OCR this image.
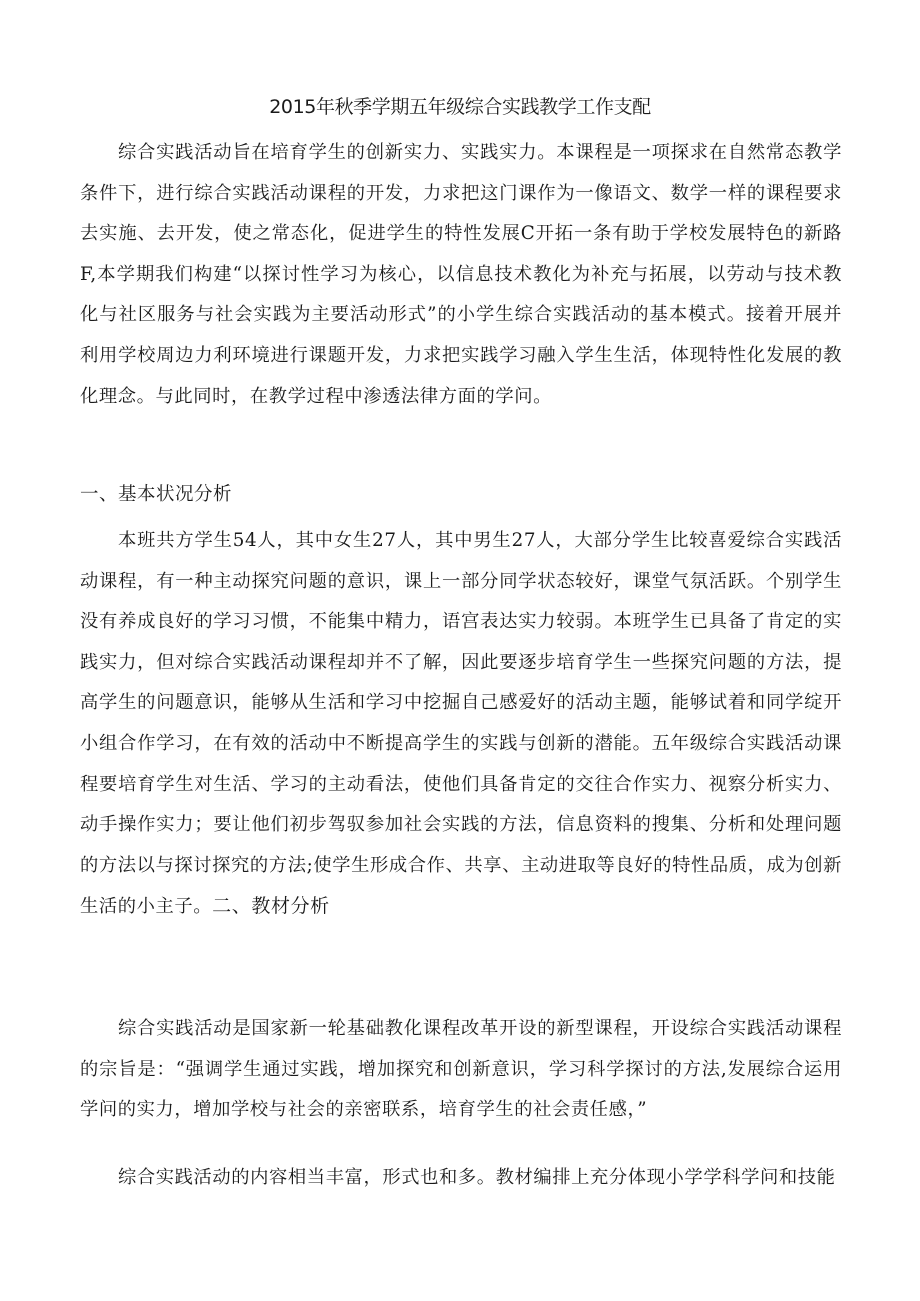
2015年秋季学期五年级综合实践教学工作支配

综合实践活动旨在培育学生的创新实力、实践实力。本课程是一项探求在自然常态教学条件下，进行综合实践活动课程的开发，力求把这门课作为一像语文、数学一样的课程要求去实施、去开发，使之常态化，促进学生的特性发展C开拓一条有助于学校发展特色的新路F,本学期我们构建“以探讨性学习为核心，以信息技术教化为补充与拓展，以劳动与技术教化与社区服务与社会实践为主要活动形式”的小学生综合实践活动的基本模式。接着开展并利用学校周边力利环境进行课题开发，力求把实践学习融入学生生活，体现特性化发展的教化理念。与此同时，在教学过程中渗透法律方面的学问。

一、基本状况分析

本班共方学生54人，其中女生27人，其中男生27人，大部分学生比较喜爱综合实践活动课程，有一种主动探究问题的意识，课上一部分同学状态较好，课堂气氛活跃。个别学生没有养成良好的学习习惯，不能集中精力，语宫表达实力较弱。本班学生已具备了肯定的实践实力，但对综合实践活动课程却并不了解，因此要逐步培育学生一些探究问题的方法，提高学生的问题意识，能够从生活和学习中挖掘自己感爱好的活动主题，能够试着和同学绽开小组合作学习，在有效的活动中不断提高学生的实践与创新的潜能。五年级综合实践活动课程要培育学生对生活、学习的主动看法，使他们具备肯定的交往合作实力、视察分析实力、动手操作实力；要让他们初步驾驭参加社会实践的方法，信息资料的搜集、分析和处理问题的方法以与探讨探究的方法;使学生形成合作、共享、主动进取等良好的特性品质，成为创新生活的小主子。二、教材分析

综合实践活动是国家新一轮基础教化课程改革开设的新型课程，开设综合实践活动课程的宗旨是：“强调学生通过实践，增加探究和创新意识，学习科学探讨的方法,发展综合运用学问的实力，增加学校与社会的亲密联系，培育学生的社会责任感，”

综合实践活动的内容相当丰富，形式也和多。教材编排上充分体现小学学科学问和技能
